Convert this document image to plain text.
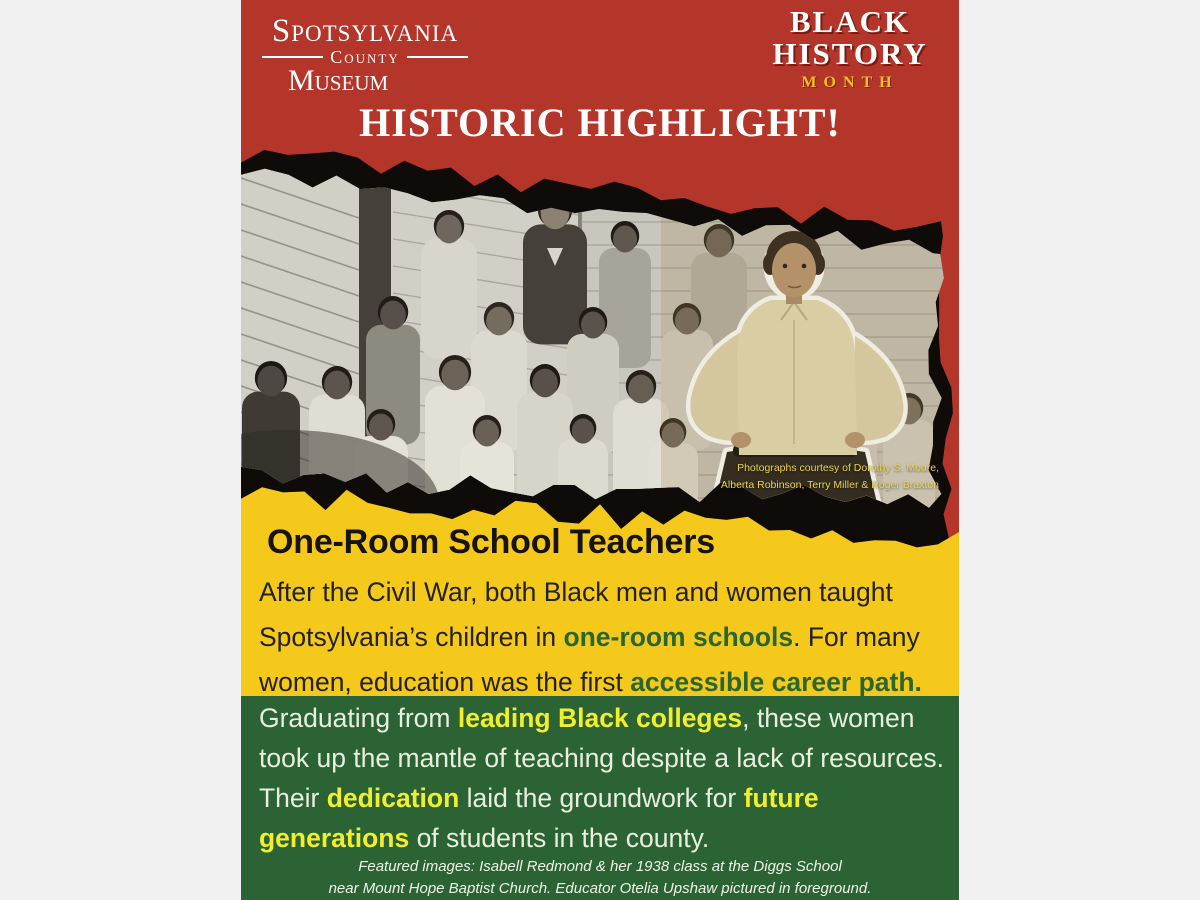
Spotsylvania
County
Museum
BLACK
HISTORY
MONTH
HISTORIC HIGHLIGHT!
Photographs courtesy of Dorothy S. Moore,
Alberta Robinson, Terry Miller & Roger Braxton
One-Room School Teachers
After the Civil War, both Black men and women taught Spotsylvania’s children in one-room schools. For many women, education was the first accessible career path.
Graduating from leading Black colleges, these women took up the mantle of teaching despite a lack of resources. Their dedication laid the groundwork for future generations of students in the county.
Featured images: Isabell Redmond & her 1938 class at the Diggs School
near Mount Hope Baptist Church. Educator Otelia Upshaw pictured in foreground.
